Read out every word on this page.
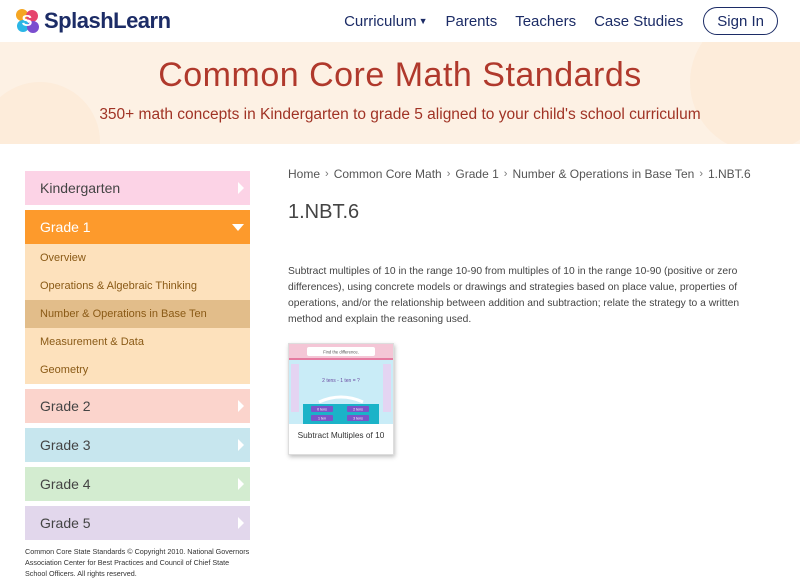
S SplashLearn	Curriculum ▼ Parents Teachers Case Studies	Sign In
Common Core Math Standards
350+ math concepts in Kindergarten to grade 5 aligned to your child's school curriculum
Kindergarten
Grade 1
Overview
Operations & Algebraic Thinking
Number & Operations in Base Ten
Measurement & Data
Geometry
Grade 2
Grade 3
Grade 4
Grade 5
Common Core State Standards © Copyright 2010. National Governors Association Center for Best Practices and Council of Chief State School Officers. All rights reserved.
Home › Common Core Math › Grade 1 › Number & Operations in Base Ten › 1.NBT.6
1.NBT.6
Subtract multiples of 10 in the range 10-90 from multiples of 10 in the range 10-90 (positive or zero differences), using concrete models or drawings and strategies based on place value, properties of operations, and/or the relationship between addition and subtraction; relate the strategy to a written method and explain the reasoning used.
Find the difference.
2 tens - 1 ten = ?
0 tens	2 tens
1 ten	3 tens
Subtract Multiples of 10
